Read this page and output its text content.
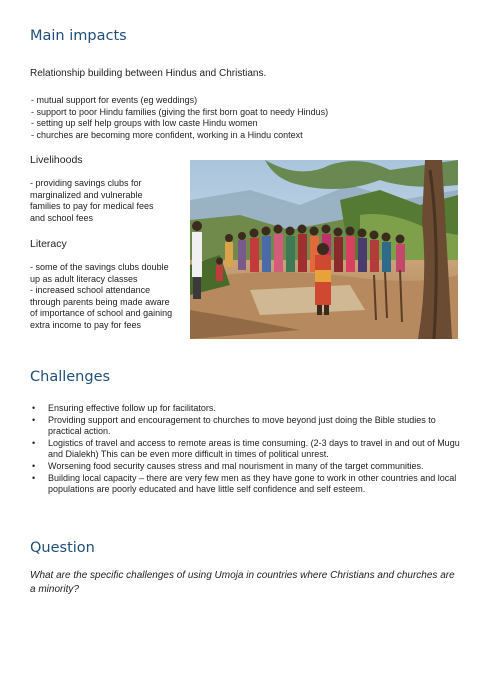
Main impacts
Relationship building between Hindus and Christians.
- mutual support for events (eg weddings)
- support to poor Hindu families (giving the first born goat to needy Hindus)
- setting up self help groups with low caste Hindu women
- churches are becoming more confident, working in a Hindu context
Livelihoods
- providing savings clubs for
marginalized and vulnerable
families to pay for medical fees
and school fees
Literacy
- some of the savings clubs double
up as adult literacy classes
- increased school attendance
through parents being made aware
of importance of school and gaining
extra income to pay for fees
Challenges
• Ensuring effective follow up for facilitators.
• Providing support and encouragement to churches to move beyond just doing the Bible studies to practical action.
• Logistics of travel and access to remote areas is time consuming. (2-3 days to travel in and out of Mugu and Dialekh) This can be even more difficult in times of political unrest.
• Worsening food security causes stress and mal nourisment in many of the target communities.
• Building local capacity – there are very few men as they have gone to work in other countries and local populations are poorly educated and have little self confidence and self esteem.
Question
What are the specific challenges of using Umoja in countries where Christians and churches are a minority?
